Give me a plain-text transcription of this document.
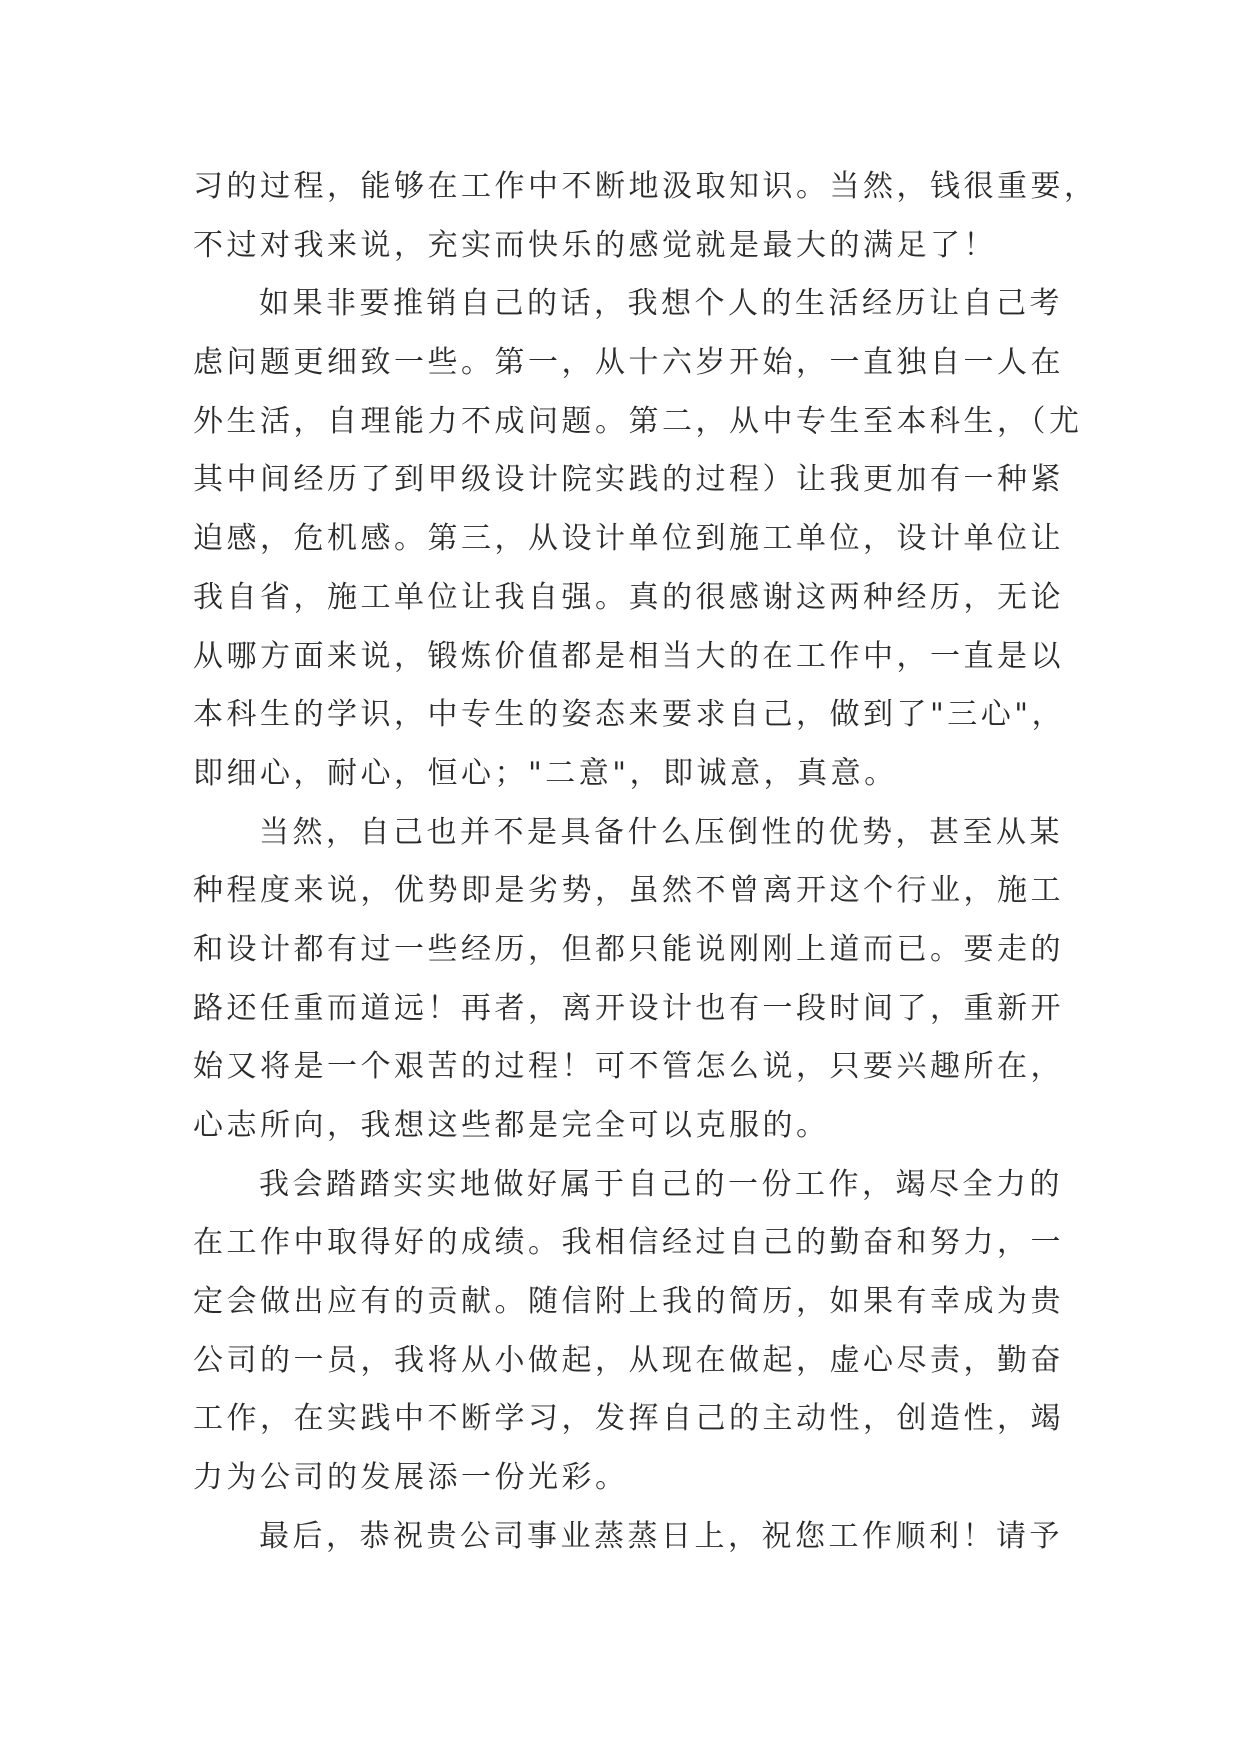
习的过程，能够在工作中不断地汲取知识。当然，钱很重要，
不过对我来说，充实而快乐的感觉就是最大的满足了！
如果非要推销自己的话，我想个人的生活经历让自己考
虑问题更细致一些。第一，从十六岁开始，一直独自一人在
外生活，自理能力不成问题。第二，从中专生至本科生，（尤
其中间经历了到甲级设计院实践的过程）让我更加有一种紧
迫感，危机感。第三，从设计单位到施工单位，设计单位让
我自省，施工单位让我自强。真的很感谢这两种经历，无论
从哪方面来说，锻炼价值都是相当大的在工作中，一直是以
本科生的学识，中专生的姿态来要求自己，做到了"三心"，
即细心，耐心，恒心；"二意"，即诚意，真意。
当然，自己也并不是具备什么压倒性的优势，甚至从某
种程度来说，优势即是劣势，虽然不曾离开这个行业，施工
和设计都有过一些经历，但都只能说刚刚上道而已。要走的
路还任重而道远！再者，离开设计也有一段时间了，重新开
始又将是一个艰苦的过程！可不管怎么说，只要兴趣所在，
心志所向，我想这些都是完全可以克服的。
我会踏踏实实地做好属于自己的一份工作，竭尽全力的
在工作中取得好的成绩。我相信经过自己的勤奋和努力，一
定会做出应有的贡献。随信附上我的简历，如果有幸成为贵
公司的一员，我将从小做起，从现在做起，虚心尽责，勤奋
工作，在实践中不断学习，发挥自己的主动性，创造性，竭
力为公司的发展添一份光彩。
最后，恭祝贵公司事业蒸蒸日上，祝您工作顺利！请予
